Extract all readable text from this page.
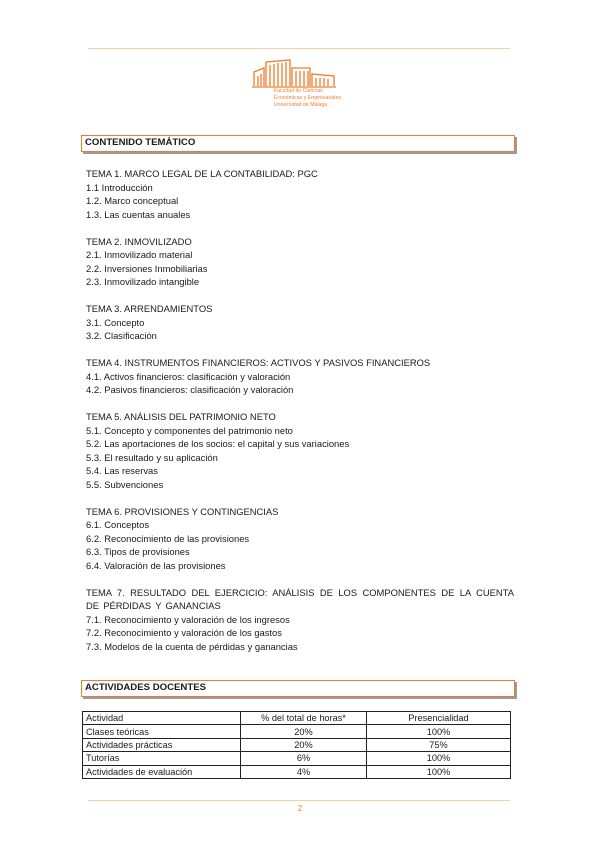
Facultad de Ciencias
Económicas y Empresariales
Universidad de Málaga
CONTENIDO TEMÁTICO
TEMA 1. MARCO LEGAL DE LA CONTABILIDAD: PGC
1.1 Introducción
1.2. Marco conceptual
1.3. Las cuentas anuales
TEMA 2. INMOVILIZADO
2.1. Inmovilizado material
2.2. Inversiones Inmobiliarias
2.3. Inmovilizado intangible
TEMA 3. ARRENDAMIENTOS
3.1. Concepto
3.2. Clasificación
TEMA 4. INSTRUMENTOS FINANCIEROS: ACTIVOS Y PASIVOS FINANCIEROS
4.1. Activos financieros: clasificación y valoración
4.2. Pasivos financieros: clasificación y valoración
TEMA 5. ANÁLISIS DEL PATRIMONIO NETO
5.1. Concepto y componentes del patrimonio neto
5.2. Las aportaciones de los socios: el capital y sus variaciones
5.3. El resultado y su aplicación
5.4. Las reservas
5.5. Subvenciones
TEMA 6. PROVISIONES Y CONTINGENCIAS
6.1. Conceptos
6.2. Reconocimiento de las provisiones
6.3. Tipos de provisiones
6.4. Valoración de las provisiones
TEMA 7. RESULTADO DEL EJERCICIO: ANÁLISIS DE LOS COMPONENTES DE LA CUENTA DE PÉRDIDAS Y GANANCIAS
7.1. Reconocimiento y valoración de los ingresos
7.2. Reconocimiento y valoración de los gastos
7.3. Modelos de la cuenta de pérdidas y ganancias
ACTIVIDADES DOCENTES
Actividad	% del total de horas*	Presencialidad
Clases teóricas	20%	100%
Actividades prácticas	20%	75%
Tutorías	6%	100%
Actividades de evaluación	4%	100%
2
